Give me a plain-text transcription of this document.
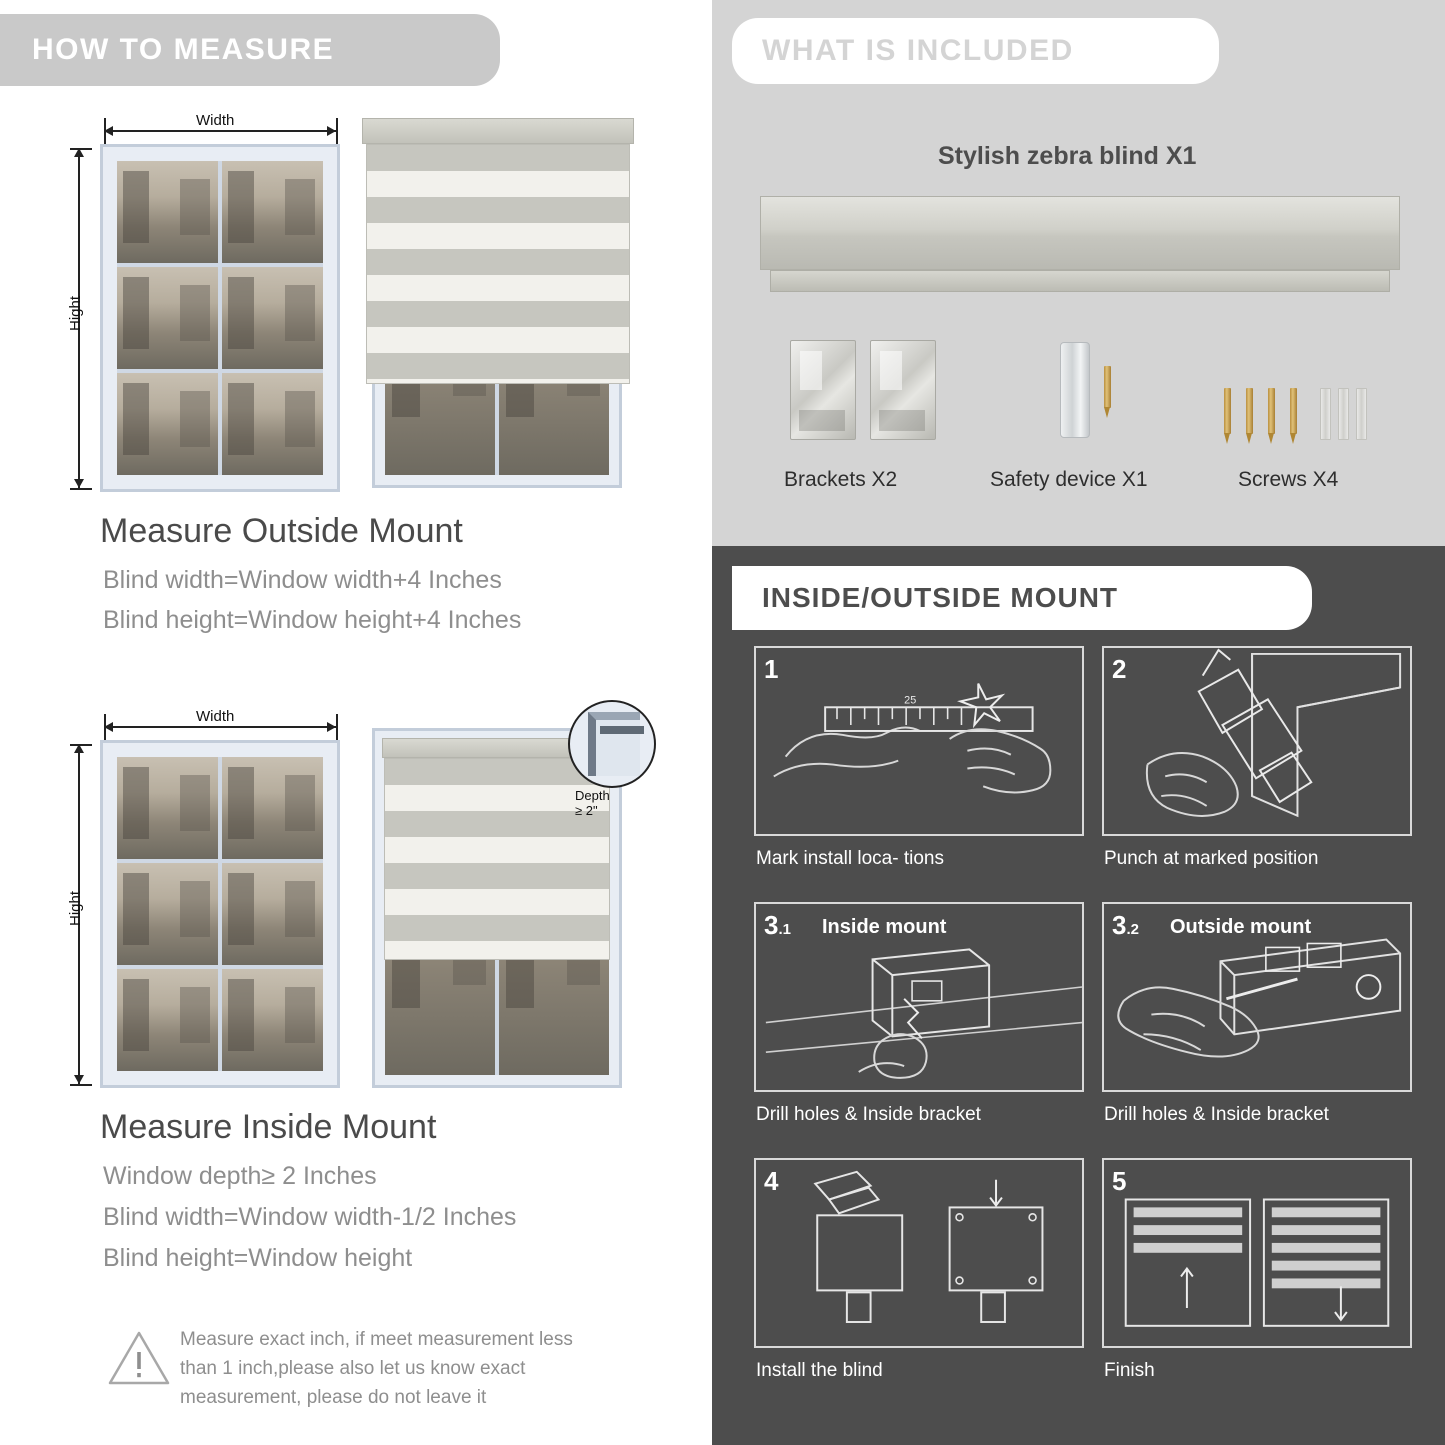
HOW TO MEASURE
Width
Hight
Measure Outside Mount
Blind width=Window width+4 Inches
Blind height=Window height+4 Inches
Width
Hight
Depth ≥ 2"
Measure Inside Mount
Window depth≥ 2 Inches
Blind width=Window width-1/2 Inches
Blind height=Window height
Measure exact inch, if meet measurement less than 1 inch,please also let us know exact measurement, please do not leave it
WHAT IS INCLUDED
Stylish zebra blind X1
Brackets X2	Safety device X1	Screws X4
INSIDE/OUTSIDE MOUNT
1
25
Mark install loca- tions
2
Punch at marked position
3.1 Inside mount
Drill holes & Inside bracket
3.2 Outside mount
Drill holes & Inside bracket
4
Install the blind
5
Finish
